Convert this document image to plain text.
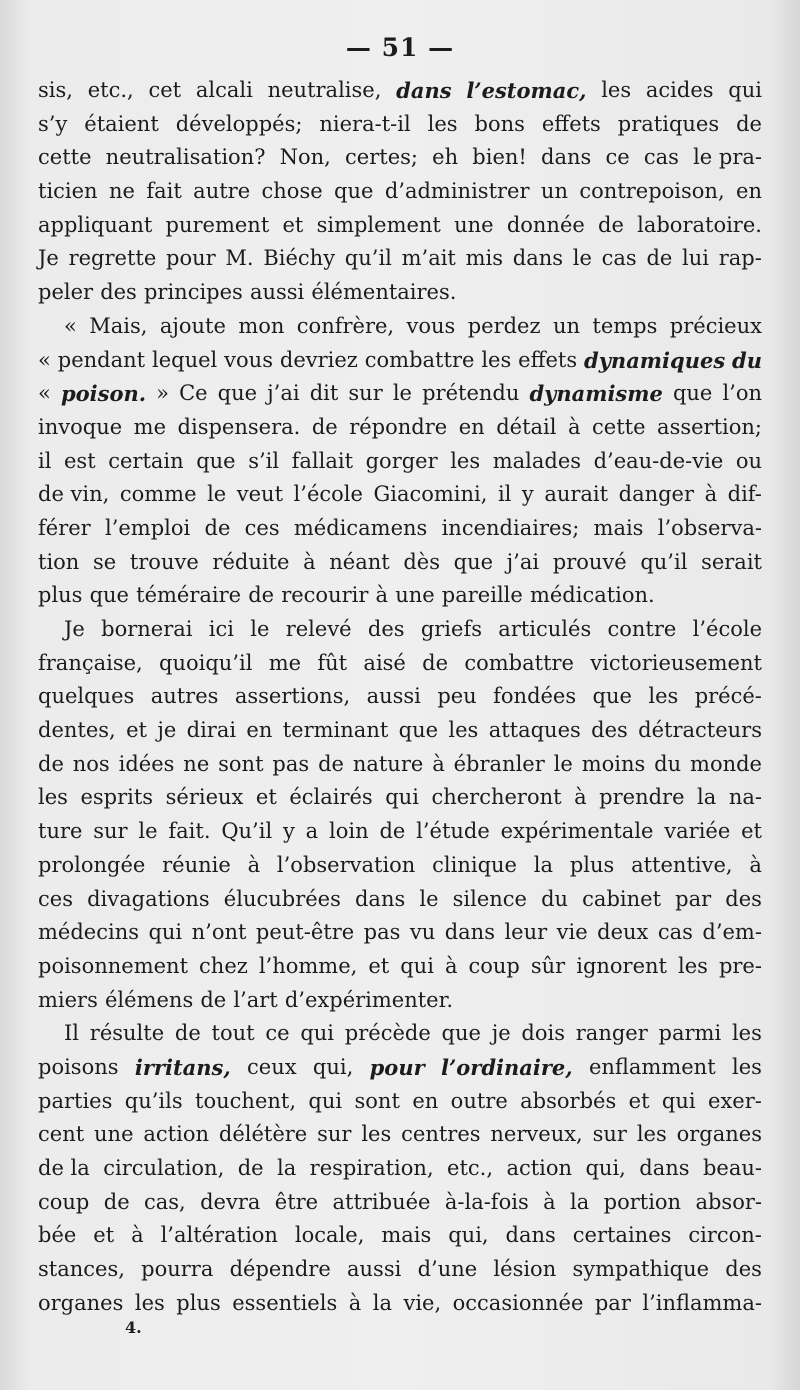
— 51 —
sis, etc., cet alcali neutralise, dans l’estomac, les acides qui
s’y étaient développés; niera-t-il les bons effets pratiques de
cette neutralisation? Non, certes; eh bien! dans ce cas le pra-
ticien ne fait autre chose que d’administrer un contrepoison, en
appliquant purement et simplement une donnée de laboratoire.
Je regrette pour M. Biéchy qu’il m’ait mis dans le cas de lui rap-
peler des principes aussi élémentaires.
« Mais, ajoute mon confrère, vous perdez un temps précieux
« pendant lequel vous devriez combattre les effets dynamiques du
« poison. » Ce que j’ai dit sur le prétendu dynamisme que l’on
invoque me dispensera. de répondre en détail à cette assertion;
il est certain que s’il fallait gorger les malades d’eau-de-vie ou
de vin, comme le veut l’école Giacomini, il y aurait danger à dif-
férer l’emploi de ces médicamens incendiaires; mais l’observa-
tion se trouve réduite à néant dès que j’ai prouvé qu’il serait
plus que téméraire de recourir à une pareille médication.
Je bornerai ici le relevé des griefs articulés contre l’école
française, quoiqu’il me fût aisé de combattre victorieusement
quelques autres assertions, aussi peu fondées que les précé-
dentes, et je dirai en terminant que les attaques des détracteurs
de nos idées ne sont pas de nature à ébranler le moins du monde
les esprits sérieux et éclairés qui chercheront à prendre la na-
ture sur le fait. Qu’il y a loin de l’étude expérimentale variée et
prolongée réunie à l’observation clinique la plus attentive, à
ces divagations élucubrées dans le silence du cabinet par des
médecins qui n’ont peut-être pas vu dans leur vie deux cas d’em-
poisonnement chez l’homme, et qui à coup sûr ignorent les pre-
miers élémens de l’art d’expérimenter.
Il résulte de tout ce qui précède que je dois ranger parmi les
poisons irritans, ceux qui, pour l’ordinaire, enflamment les
parties qu’ils touchent, qui sont en outre absorbés et qui exer-
cent une action délétère sur les centres nerveux, sur les organes
de la circulation, de la respiration, etc., action qui, dans beau-
coup de cas, devra être attribuée à-la-fois à la portion absor-
bée et à l’altération locale, mais qui, dans certaines circon-
stances, pourra dépendre aussi d’une lésion sympathique des
organes les plus essentiels à la vie, occasionnée par l’inflamma-
4.
